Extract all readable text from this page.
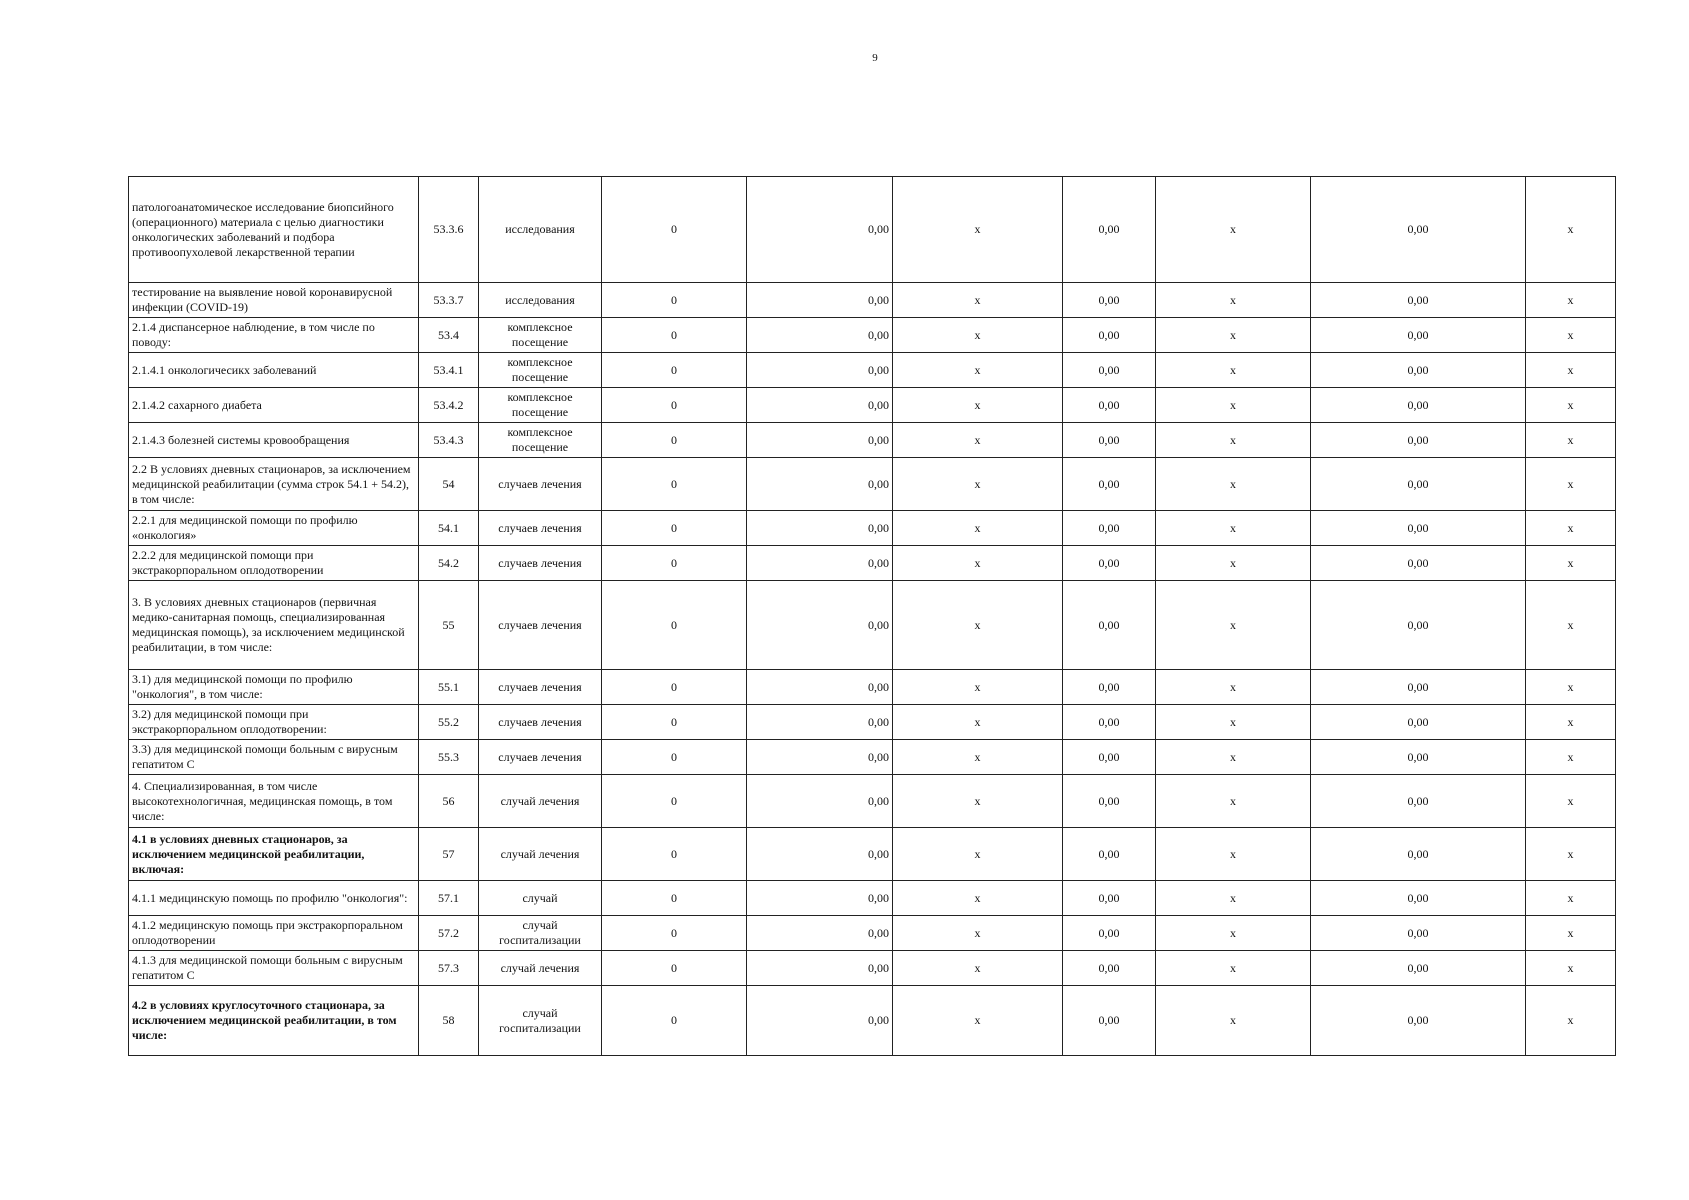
9
патологоанатомическое исследование биопсийного (операционного) материала с целью диагностики онкологических заболеваний и подбора противоопухолевой лекарственной терапии	53.3.6	исследования	0	0,00	x	0,00	x	0,00	x
тестирование на выявление новой коронавирусной инфекции (COVID-19)	53.3.7	исследования	0	0,00	x	0,00	x	0,00	x
2.1.4 диспансерное наблюдение, в том числе по поводу:	53.4	комплексное посещение	0	0,00	x	0,00	x	0,00	x
2.1.4.1 онкологичесикх заболеваний	53.4.1	комплексное посещение	0	0,00	x	0,00	x	0,00	x
2.1.4.2 сахарного диабета	53.4.2	комплексное посещение	0	0,00	x	0,00	x	0,00	x
2.1.4.3 болезней системы кровообращения	53.4.3	комплексное посещение	0	0,00	x	0,00	x	0,00	x
2.2 В условиях дневных стационаров, за исключением медицинской реабилитации (сумма строк 54.1 + 54.2), в том числе:	54	случаев лечения	0	0,00	x	0,00	x	0,00	x
2.2.1 для медицинской помощи по профилю «онкология»	54.1	случаев лечения	0	0,00	x	0,00	x	0,00	x
2.2.2 для медицинской помощи при экстракорпоральном оплодотворении	54.2	случаев лечения	0	0,00	x	0,00	x	0,00	x
3. В условиях дневных стационаров (первичная медико-санитарная помощь, специализированная медицинская помощь), за исключением медицинской реабилитации, в том числе:	55	случаев лечения	0	0,00	x	0,00	x	0,00	x
3.1) для медицинской помощи по профилю "онкология", в том числе:	55.1	случаев лечения	0	0,00	x	0,00	x	0,00	x
3.2) для медицинской помощи при экстракорпоральном оплодотворении:	55.2	случаев лечения	0	0,00	x	0,00	x	0,00	x
3.3) для медицинской помощи больным с вирусным гепатитом С	55.3	случаев лечения	0	0,00	x	0,00	x	0,00	x
4. Специализированная, в том числе высокотехнологичная, медицинская помощь, в том числе:	56	случай лечения	0	0,00	x	0,00	x	0,00	x
4.1 в условиях дневных стационаров, за исключением медицинской реабилитации, включая:	57	случай лечения	0	0,00	x	0,00	x	0,00	x
4.1.1 медицинскую помощь по профилю "онкология":	57.1	случай	0	0,00	x	0,00	x	0,00	x
4.1.2 медицинскую помощь при экстракорпоральном оплодотворении	57.2	случай госпитализации	0	0,00	x	0,00	x	0,00	x
4.1.3 для медицинской помощи больным с вирусным гепатитом С	57.3	случай лечения	0	0,00	x	0,00	x	0,00	x
4.2 в условиях круглосуточного стационара, за исключением медицинской реабилитации, в том числе:	58	случай госпитализации	0	0,00	x	0,00	x	0,00	x
